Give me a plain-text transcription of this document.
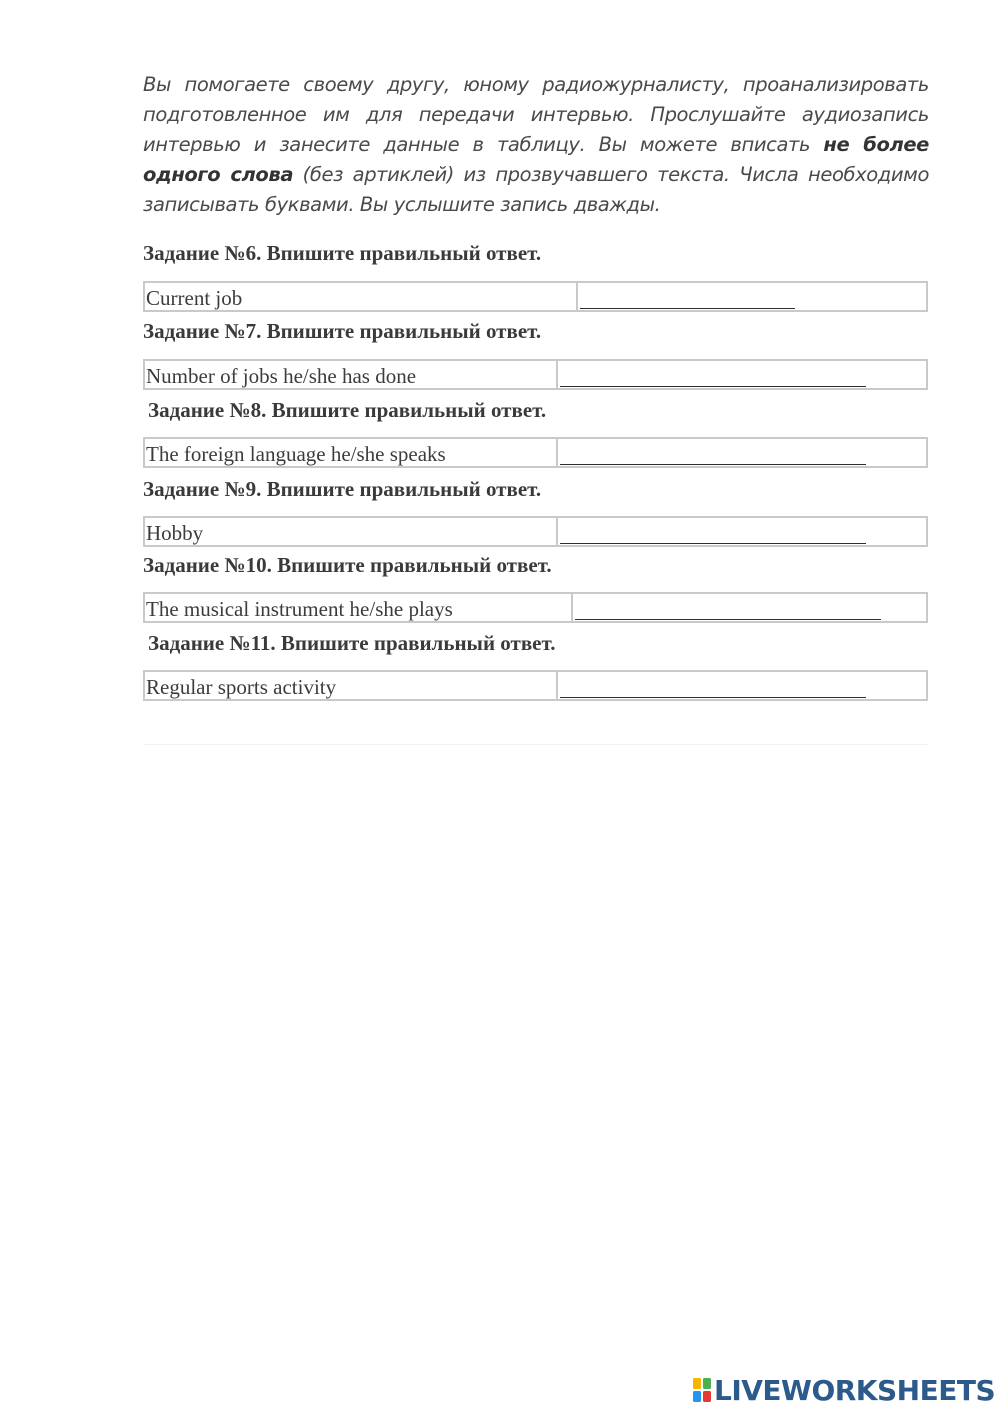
Вы помогаете своему другу, юному радиожурналисту, проанализировать подготовленное им для передачи интервью. Прослушайте аудиозапись интервью и занесите данные в таблицу. Вы можете вписать не более одного слова (без артиклей) из прозвучавшего текста. Числа необходимо записывать буквами. Вы услышите запись дважды.
Задание №6. Впишите правильный ответ.
Current job
Задание №7. Впишите правильный ответ.
Number of jobs he/she has done
Задание №8. Впишите правильный ответ.
The foreign language he/she speaks
Задание №9. Впишите правильный ответ.
Hobby
Задание №10. Впишите правильный ответ.
The musical instrument he/she plays
Задание №11. Впишите правильный ответ.
Regular sports activity
LIVEWORKSHEETS
